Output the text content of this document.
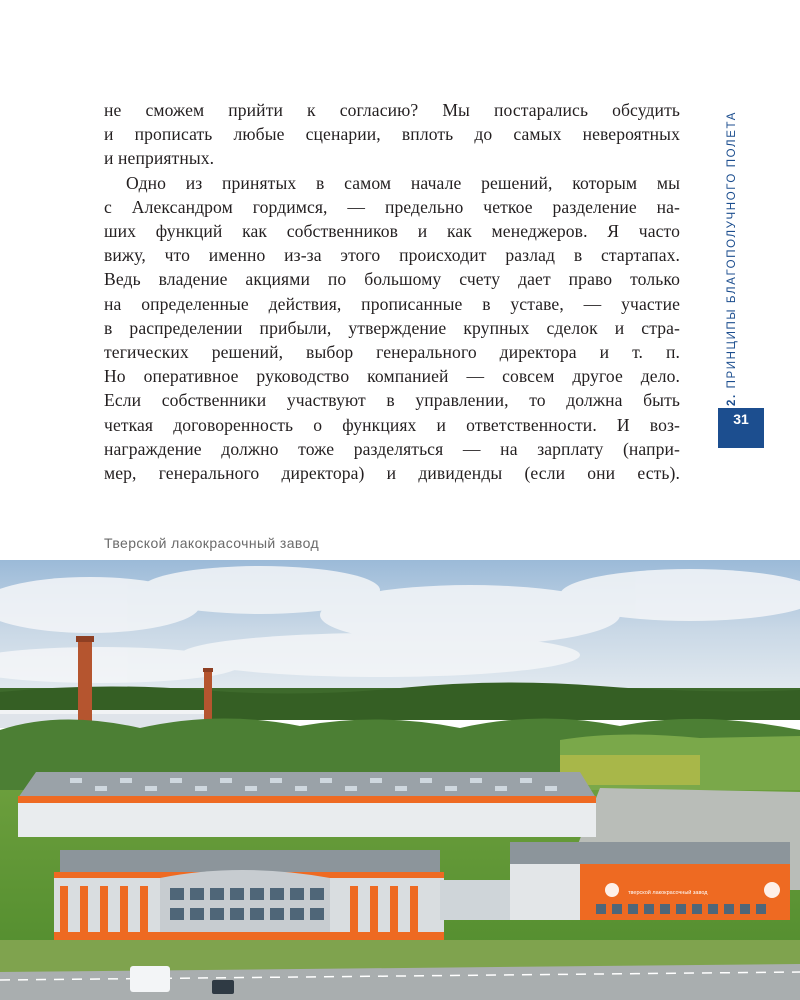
не сможем прийти к согласию? Мы постарались обсудить
и прописать любые сценарии, вплоть до самых невероятных
и неприятных.
Одно из принятых в самом начале решений, которым мы
с Александром гордимся, — предельно четкое разделение на-
ших функций как собственников и как менеджеров. Я часто
вижу, что именно из-за этого происходит разлад в стартапах.
Ведь владение акциями по большому счету дает право только
на определенные действия, прописанные в уставе, — участие
в распределении прибыли, утверждение крупных сделок и стра-
тегических решений, выбор генерального директора и т. п.
Но оперативное руководство компанией — совсем другое дело.
Если собственники участвуют в управлении, то должна быть
четкая договоренность о функциях и ответственности. И воз-
награждение должно тоже разделяться — на зарплату (напри-
мер, генерального директора) и дивиденды (если они есть).
2. ПРИНЦИПЫ БЛАГОПОЛУЧНОГО ПОЛЕТА
31
Тверской лакокрасочный завод
тверской лакокрасочный завод
